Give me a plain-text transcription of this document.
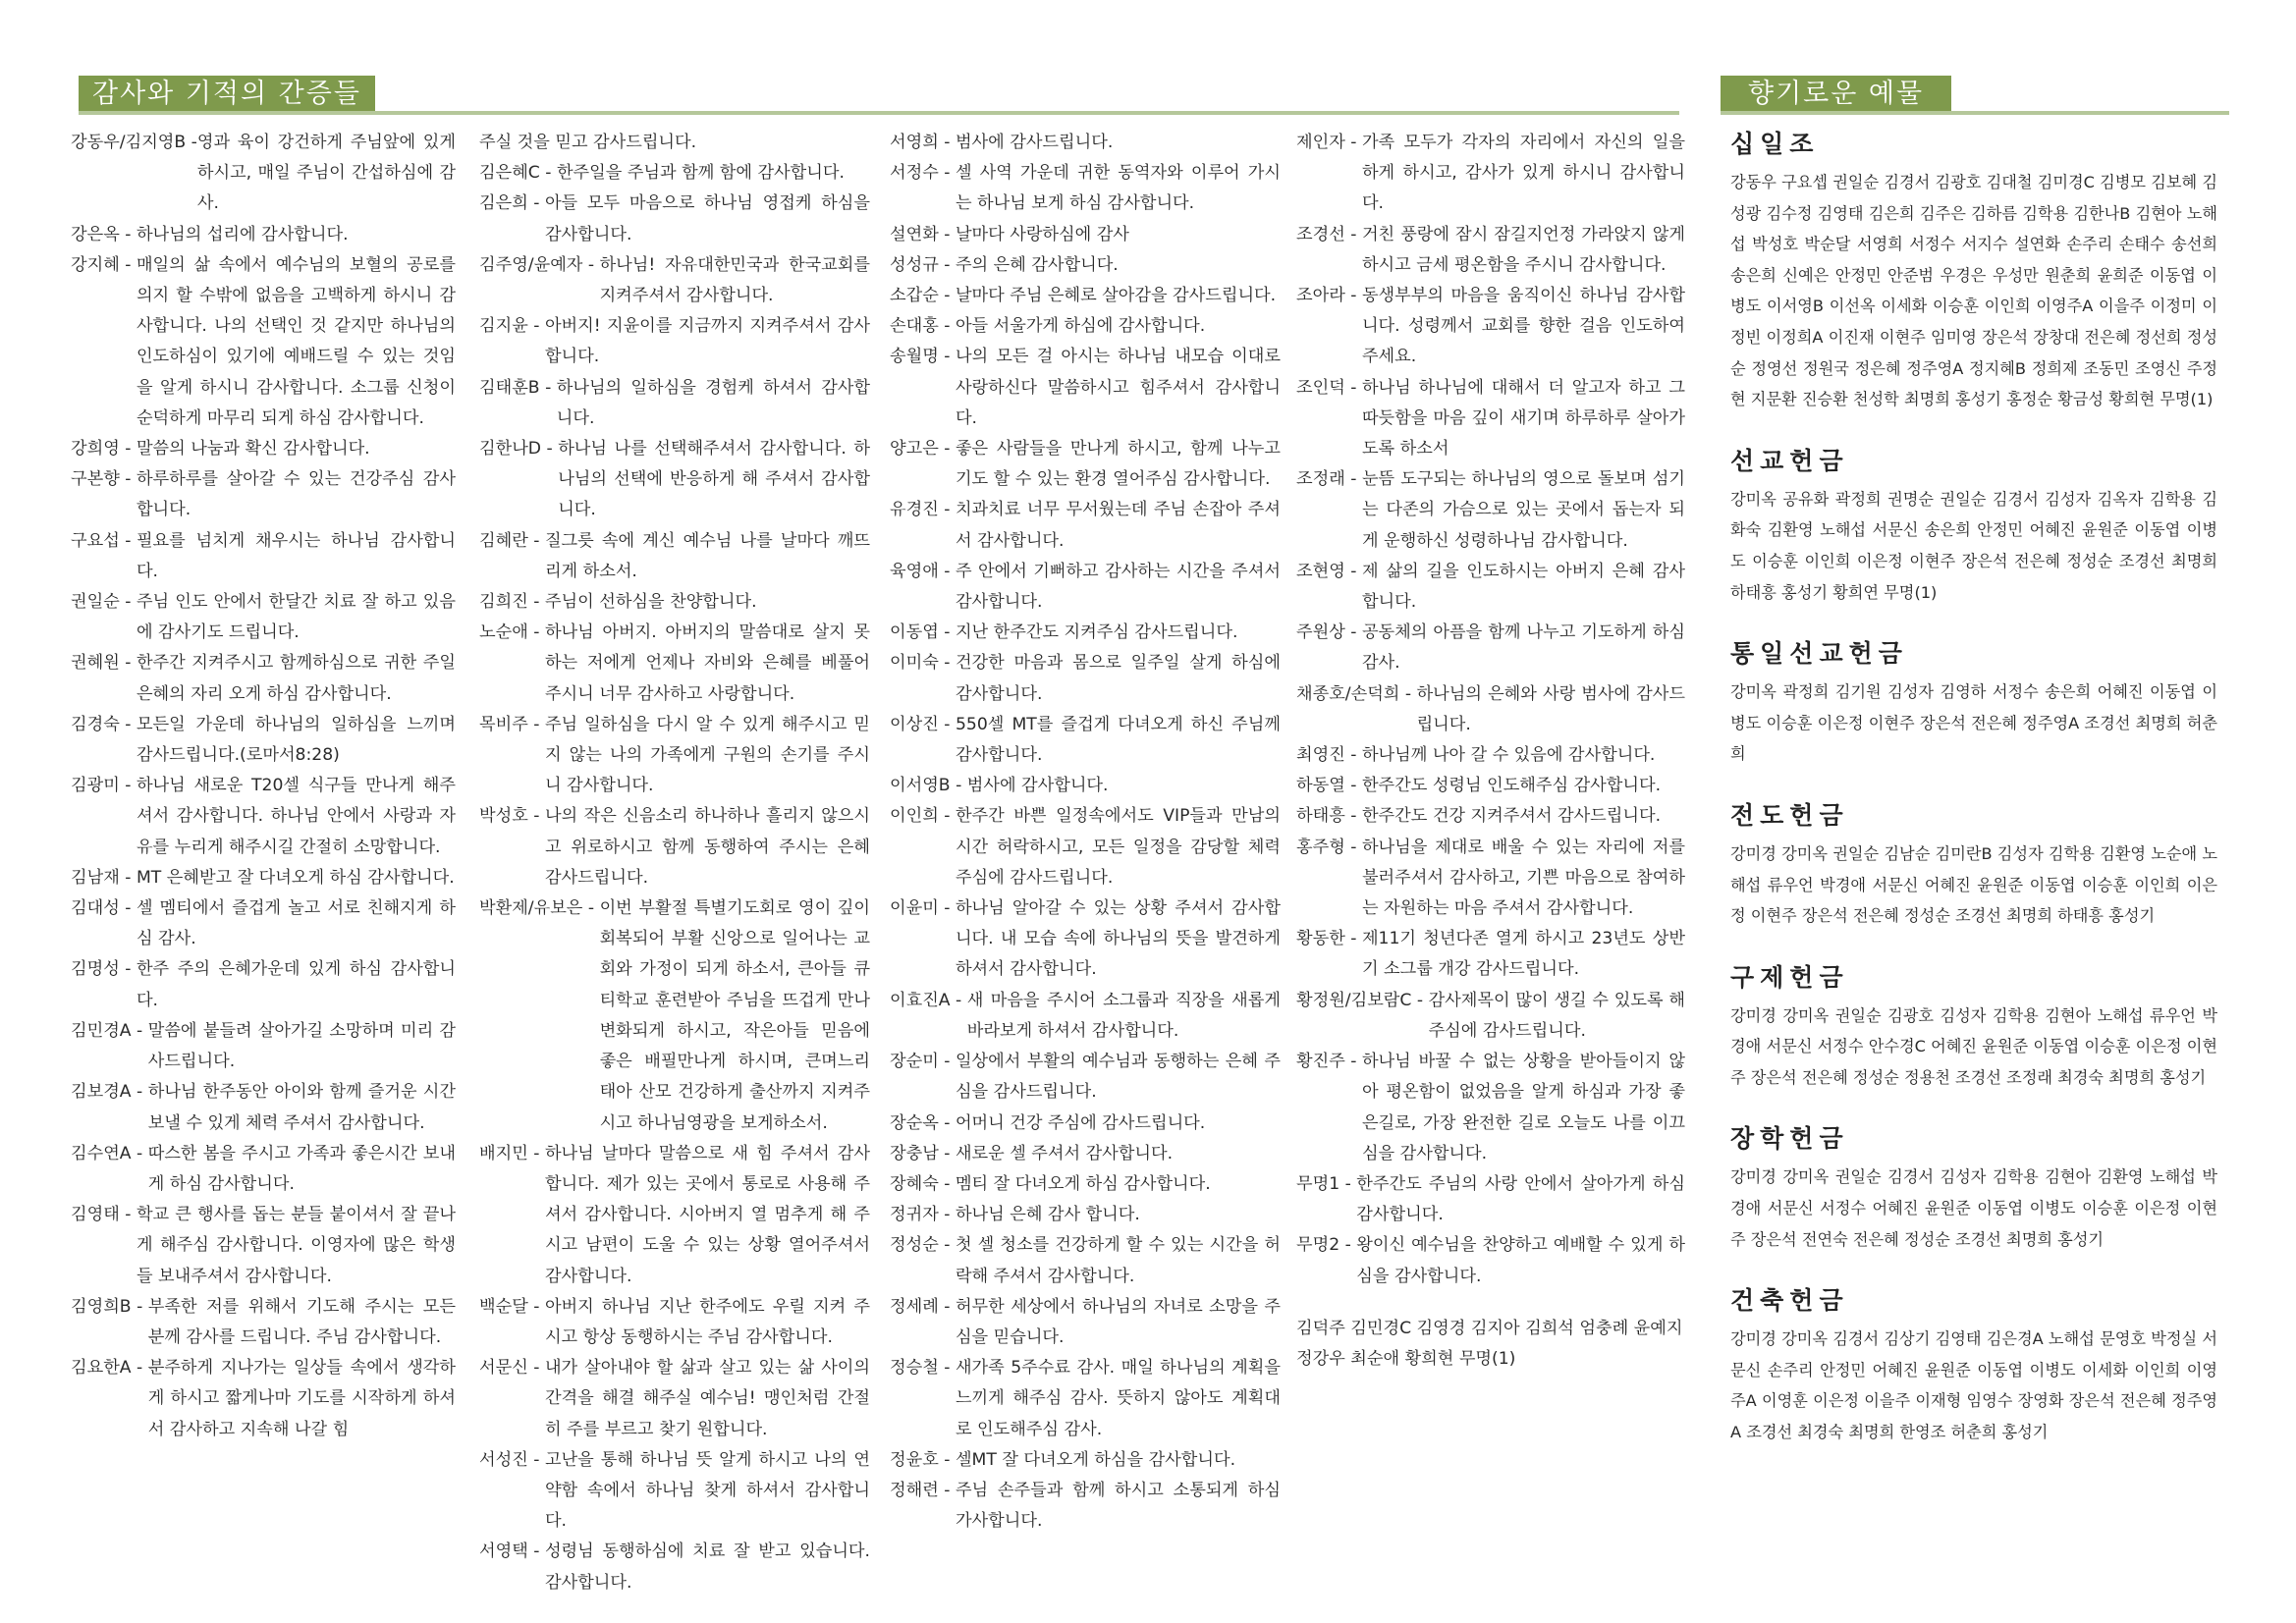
감사와 기적의 간증들	향기로운 예물
강동우/김지영B - 영과 육이 강건하게 주님앞에 있게 하시고, 매일 주님이 간섭하심에 감사.
강은옥 - 하나님의 섭리에 감사합니다.
강지혜 - 매일의 삶 속에서 예수님의 보혈의 공로를 의지 할 수밖에 없음을 고백하게 하시니 감사합니다. 나의 선택인 것 같지만 하나님의 인도하심이 있기에 예배드릴 수 있는 것임을 알게 하시니 감사합니다. 소그룹 신청이 순덕하게 마무리 되게 하심 감사합니다.
강희영 - 말씀의 나눔과 확신 감사합니다.
구본향 - 하루하루를 살아갈 수 있는 건강주심 감사합니다.
구요섭 - 필요를 넘치게 채우시는 하나님 감사합니다.
권일순 - 주님 인도 안에서 한달간 치료 잘 하고 있음에 감사기도 드립니다.
권혜원 - 한주간 지켜주시고 함께하심으로 귀한 주일 은혜의 자리 오게 하심 감사합니다.
김경숙 - 모든일 가운데 하나님의 일하심을 느끼며 감사드립니다.(로마서8:28)
김광미 - 하나님 새로운 T20셀 식구들 만나게 해주셔서 감사합니다. 하나님 안에서 사랑과 자유를 누리게 해주시길 간절히 소망합니다.
김남재 - MT 은혜받고 잘 다녀오게 하심 감사합니다.
김대성 - 셀 멤티에서 즐겁게 놀고 서로 친해지게 하심 감사.
김명성 - 한주 주의 은혜가운데 있게 하심 감사합니다.
김민경A - 말씀에 붙들려 살아가길 소망하며 미리 감사드립니다.
김보경A - 하나님 한주동안 아이와 함께 즐거운 시간 보낼 수 있게 체력 주셔서 감사합니다.
김수연A - 따스한 봄을 주시고 가족과 좋은시간 보내게 하심 감사합니다.
김영태 - 학교 큰 행사를 돕는 분들 붙이셔서 잘 끝나게 해주심 감사합니다. 이영자에 많은 학생들 보내주셔서 감사합니다.
김영희B - 부족한 저를 위해서 기도해 주시는 모든 분께 감사를 드립니다. 주님 감사합니다.
김요한A - 분주하게 지나가는 일상들 속에서 생각하게 하시고 짧게나마 기도를 시작하게 하셔서 감사하고 지속해 나갈 힘
주실 것을 믿고 감사드립니다.
김은혜C - 한주일을 주님과 함께 함에 감사합니다.
김은희 - 아들 모두 마음으로 하나님 영접케 하심을 감사합니다.
김주영/윤예자 - 하나님! 자유대한민국과 한국교회를 지켜주셔서 감사합니다.
김지윤 - 아버지! 지윤이를 지금까지 지켜주셔서 감사합니다.
김태훈B - 하나님의 일하심을 경험케 하셔서 감사합니다.
김한나D - 하나님 나를 선택해주셔서 감사합니다. 하나님의 선택에 반응하게 해 주셔서 감사합니다.
김혜란 - 질그릇 속에 계신 예수님 나를 날마다 깨뜨리게 하소서.
김희진 - 주님이 선하심을 찬양합니다.
노순애 - 하나님 아버지. 아버지의 말씀대로 살지 못하는 저에게 언제나 자비와 은혜를 베풀어 주시니 너무 감사하고 사랑합니다.
목비주 - 주님 일하심을 다시 알 수 있게 해주시고 믿지 않는 나의 가족에게 구원의 손기를 주시니 감사합니다.
박성호 - 나의 작은 신음소리 하나하나 흘리지 않으시고 위로하시고 함께 동행하여 주시는 은혜 감사드립니다.
박환제/유보은 - 이번 부활절 특별기도회로 영이 깊이 회복되어 부활 신앙으로 일어나는 교회와 가정이 되게 하소서, 큰아들 큐티학교 훈련받아 주님을 뜨겁게 만나 변화되게 하시고, 작은아들 믿음에 좋은 배필만나게 하시며, 큰며느리 태아 산모 건강하게 출산까지 지켜주시고 하나님영광을 보게하소서.
배지민 - 하나님 날마다 말씀으로 새 힘 주셔서 감사합니다. 제가 있는 곳에서 통로로 사용해 주셔서 감사합니다. 시아버지 열 멈추게 해 주시고 남편이 도울 수 있는 상황 열어주셔서 감사합니다.
백순달 - 아버지 하나님 지난 한주에도 우릴 지켜 주시고 항상 동행하시는 주님 감사합니다.
서문신 - 내가 살아내야 할 삶과 살고 있는 삶 사이의 간격을 해결 해주실 예수님! 맹인처럼 간절히 주를 부르고 찾기 원합니다.
서성진 - 고난을 통해 하나님 뜻 알게 하시고 나의 연약함 속에서 하나님 찾게 하셔서 감사합니다.
서영택 - 성령님 동행하심에 치료 잘 받고 있습니다. 감사합니다.
서영희 - 범사에 감사드립니다.
서정수 - 셀 사역 가운데 귀한 동역자와 이루어 가시는 하나님 보게 하심 감사합니다.
설연화 - 날마다 사랑하심에 감사
성성규 - 주의 은혜 감사합니다.
소갑순 - 날마다 주님 은혜로 살아감을 감사드립니다.
손대홍 - 아들 서울가게 하심에 감사합니다.
송월명 - 나의 모든 걸 아시는 하나님 내모습 이대로 사랑하신다 말씀하시고 힘주셔서 감사합니다.
양고은 - 좋은 사람들을 만나게 하시고, 함께 나누고 기도 할 수 있는 환경 열어주심 감사합니다.
유경진 - 치과치료 너무 무서웠는데 주님 손잡아 주셔서 감사합니다.
육영애 - 주 안에서 기뻐하고 감사하는 시간을 주셔서 감사합니다.
이동엽 - 지난 한주간도 지켜주심 감사드립니다.
이미숙 - 건강한 마음과 몸으로 일주일 살게 하심에 감사합니다.
이상진 - 550셀 MT를 즐겁게 다녀오게 하신 주님께 감사합니다.
이서영B - 범사에 감사합니다.
이인희 - 한주간 바쁜 일정속에서도 VIP들과 만남의 시간 허락하시고, 모든 일정을 감당할 체력 주심에 감사드립니다.
이윤미 - 하나님 알아갈 수 있는 상황 주셔서 감사합니다. 내 모습 속에 하나님의 뜻을 발견하게 하셔서 감사합니다.
이효진A - 새 마음을 주시어 소그룹과 직장을 새롭게 바라보게 하셔서 감사합니다.
장순미 - 일상에서 부활의 예수님과 동행하는 은혜 주심을 감사드립니다.
장순옥 - 어머니 건강 주심에 감사드립니다.
장충남 - 새로운 셀 주셔서 감사합니다.
장혜숙 - 멤티 잘 다녀오게 하심 감사합니다.
정귀자 - 하나님 은혜 감사 합니다.
정성순 - 첫 셀 청소를 건강하게 할 수 있는 시간을 허락해 주셔서 감사합니다.
정세례 - 허무한 세상에서 하나님의 자녀로 소망을 주심을 믿습니다.
정승철 - 새가족 5주수료 감사. 매일 하나님의 계획을 느끼게 해주심 감사. 뜻하지 않아도 계획대로 인도해주심 감사.
정윤호 - 셀MT 잘 다녀오게 하심을 감사합니다.
정해련 - 주님 손주들과 함께 하시고 소통되게 하심 가사합니다.
제인자 - 가족 모두가 각자의 자리에서 자신의 일을 하게 하시고, 감사가 있게 하시니 감사합니다.
조경선 - 거친 풍랑에 잠시 잠길지언정 가라앉지 않게하시고 금세 평온함을 주시니 감사합니다.
조아라 - 동생부부의 마음을 움직이신 하나님 감사합니다. 성령께서 교회를 향한 걸음 인도하여 주세요.
조인덕 - 하나님 하나님에 대해서 더 알고자 하고 그 따듯함을 마음 깊이 새기며 하루하루 살아가도록 하소서
조정래 - 눈뜸 도구되는 하나님의 영으로 돌보며 섬기는 다존의 가슴으로 있는 곳에서 돕는자 되게 운행하신 성령하나님 감사합니다.
조현영 - 제 삶의 길을 인도하시는 아버지 은혜 감사합니다.
주원상 - 공동체의 아픔을 함께 나누고 기도하게 하심 감사.
채종호/손덕희 - 하나님의 은혜와 사랑 범사에 감사드립니다.
최영진 - 하나님께 나아 갈 수 있음에 감사합니다.
하동열 - 한주간도 성령님 인도해주심 감사합니다.
하태흥 - 한주간도 건강 지켜주셔서 감사드립니다.
홍주형 - 하나님을 제대로 배울 수 있는 자리에 저를 불러주셔서 감사하고, 기쁜 마음으로 참여하는 자원하는 마음 주셔서 감사합니다.
황동한 - 제11기 청년다존 열게 하시고 23년도 상반기 소그룹 개강 감사드립니다.
황정원/김보람C - 감사제목이 많이 생길 수 있도록 해주심에 감사드립니다.
황진주 - 하나님 바꿀 수 없는 상황을 받아들이지 않아 평온함이 없었음을 알게 하심과 가장 좋은길로, 가장 완전한 길로 오늘도 나를 이끄심을 감사합니다.
무명1 - 한주간도 주님의 사랑 안에서 살아가게 하심 감사합니다.
무명2 - 왕이신 예수님을 찬양하고 예배할 수 있게 하심을 감사합니다.
김덕주 김민경C 김영경 김지아 김희석 엄충례 윤예지 정강우 최순애 황희현 무명(1)
십일조
강동우 구요셉 권일순 김경서 김광호 김대철 김미경C 김병모 김보혜 김성광 김수정 김영태 김은희 김주은 김하름 김학용 김한나B 김현아 노해섭 박성호 박순달 서영희 서정수 서지수 설연화 손주리 손태수 송선희 송은희 신예은 안정민 안준범 우경은 우성만 원춘희 윤희준 이동엽 이병도 이서영B 이선옥 이세화 이승훈 이인희 이영주A 이을주 이정미 이정빈 이정희A 이진재 이현주 임미영 장은석 장창대 전은혜 정선희 정성순 정영선 정원국 정은혜 정주영A 정지혜B 정희제 조동민 조영신 주정현 지문환 진승환 천성학 최명희 홍성기 홍정순 황금성 황희현 무명(1)
선교헌금
강미옥 공유화 곽정희 권명순 권일순 김경서 김성자 김옥자 김학용 김화숙 김환영 노해섭 서문신 송은희 안정민 어혜진 윤원준 이동엽 이병도 이승훈 이인희 이은정 이현주 장은석 전은혜 정성순 조경선 최명희 하태흥 홍성기 황희연 무명(1)
통일선교헌금
강미옥 곽정희 김기원 김성자 김영하 서정수 송은희 어혜진 이동엽 이병도 이승훈 이은정 이현주 장은석 전은혜 정주영A 조경선 최명희 허춘희
전도헌금
강미경 강미옥 권일순 김남순 김미란B 김성자 김학용 김환영 노순애 노해섭 류우언 박경애 서문신 어혜진 윤원준 이동엽 이승훈 이인희 이은정 이현주 장은석 전은혜 정성순 조경선 최명희 하태흥 홍성기
구제헌금
강미경 강미옥 권일순 김광호 김성자 김학용 김현아 노해섭 류우언 박경애 서문신 서정수 안수경C 어혜진 윤원준 이동엽 이승훈 이은정 이현주 장은석 전은혜 정성순 정용천 조경선 조정래 최경숙 최명희 홍성기
장학헌금
강미경 강미옥 권일순 김경서 김성자 김학용 김현아 김환영 노해섭 박경애 서문신 서정수 어혜진 윤원준 이동엽 이병도 이승훈 이은정 이현주 장은석 전연숙 전은혜 정성순 조경선 최명희 홍성기
건축헌금
강미경 강미옥 김경서 김상기 김영태 김은경A 노해섭 문영호 박정실 서문신 손주리 안정민 어혜진 윤원준 이동엽 이병도 이세화 이인희 이영주A 이영훈 이은정 이을주 이재형 임영수 장영화 장은석 전은혜 정주영A 조경선 최경숙 최명희 한영조 허춘희 홍성기
